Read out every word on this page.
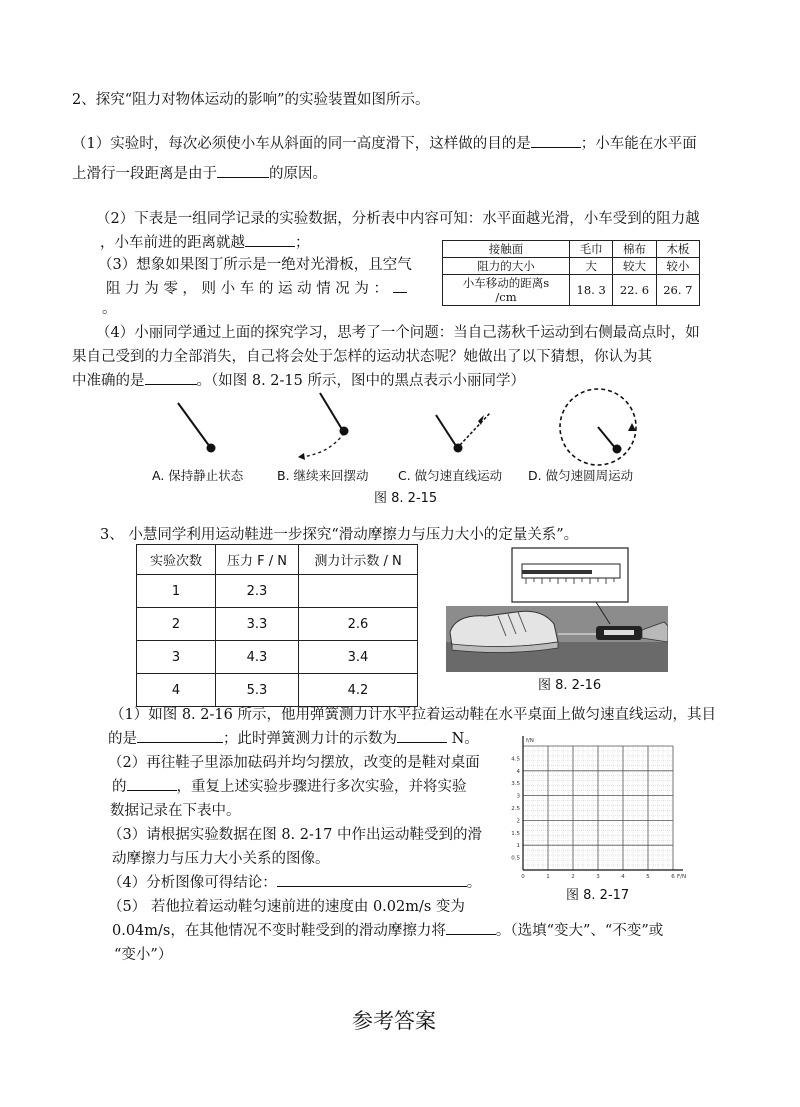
2、探究“阻力对物体运动的影响”的实验装置如图所示。
（1）实验时，每次必须使小车从斜面的同一高度滑下，这样做的目的是	；小车能在水平面
上滑行一段距离是由于	的原因。
（2）下表是一组同学记录的实验数据，分析表中内容可知：水平面越光滑，小车受到的阻力越
，小车前进的距离就越	；
（3）想象如果图丁所示是一绝对光滑板，且空气
阻 力 为 零 ， 则 小 车 的 运 动 情 况 为 ：
。
接触面	毛巾	棉布	木板
阻力的大小	大	较大	较小
小车移动的距离s
/cm	18. 3	22. 6	26. 7
（4）小丽同学通过上面的探究学习，思考了一个问题：当自己荡秋千运动到右侧最高点时，如
果自己受到的力全部消失，自己将会处于怎样的运动状态呢？她做出了以下猜想，你认为其
中准确的是	。（如图 8. 2-15 所示，图中的黑点表示小丽同学）
A. 保持静止状态	B. 继续来回摆动 C. 做匀速直线运动 D. 做匀速圆周运动
图 8. 2-15
3、 小慧同学利用运动鞋进一步探究“滑动摩擦力与压力大小的定量关系”。
实验次数	压力 F / N	测力计示数 / N
1	2.3	
2	3.3	2.6
3	4.3	3.4
4	5.3	4.2	图 8. 2-16
（1）如图 8. 2-16 所示，他用弹簧测力计水平拉着运动鞋在水平桌面上做匀速直线运动，其目
的是	；此时弹簧测力计的示数为	N。
（2）再往鞋子里添加砝码并均匀摆放，改变的是鞋对桌面
的	，重复上述实验步骤进行多次实验，并将实验
数据记录在下表中。
（3）请根据实验数据在图 8. 2-17 中作出运动鞋受到的滑
动摩擦力与压力大小关系的图像。
（4）分析图像可得结论：	。
（5） 若他拉着运动鞋匀速前进的速度由 0.02m/s 变为
0.04m/s，在其他情况不变时鞋受到的滑动摩擦力将	。（选填“变大”、“不变”或
“变小”）
4.5
4
3.5
3
2.5
2
1.5
1
0.5
0	1	2	3	4	5	6
f/N
F/N
图 8. 2-17
参考答案
